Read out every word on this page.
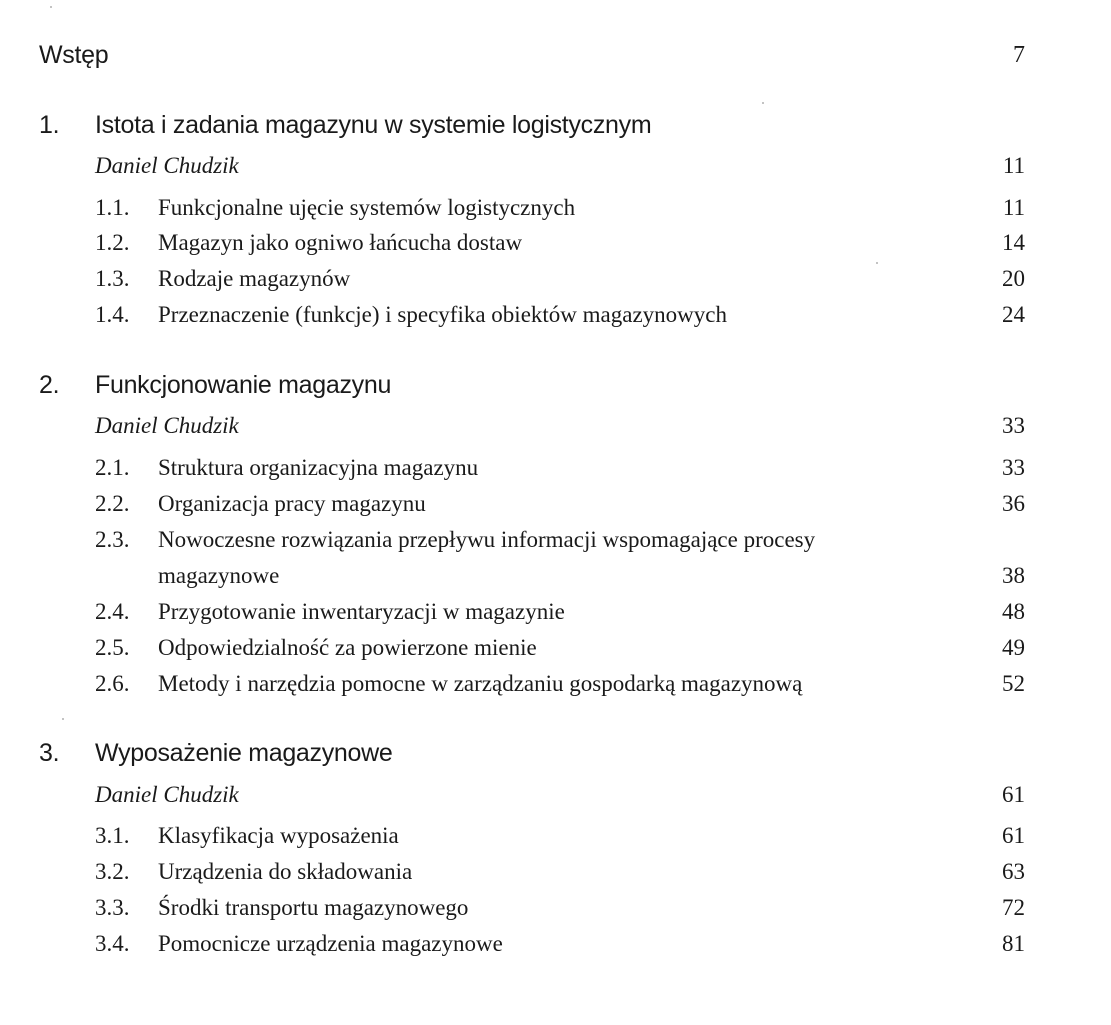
Wstęp	7
1. Istota i zadania magazynu w systemie logistycznym
Daniel Chudzik	11
1.1. Funkcjonalne ujęcie systemów logistycznych	11
1.2. Magazyn jako ogniwo łańcucha dostaw	14
1.3. Rodzaje magazynów	20
1.4. Przeznaczenie (funkcje) i specyfika obiektów magazynowych	24
2. Funkcjonowanie magazynu
Daniel Chudzik	33
2.1. Struktura organizacyjna magazynu	33
2.2. Organizacja pracy magazynu	36
2.3. Nowoczesne rozwiązania przepływu informacji wspomagające procesy
magazynowe	38
2.4. Przygotowanie inwentaryzacji w magazynie	48
2.5. Odpowiedzialność za powierzone mienie	49
2.6. Metody i narzędzia pomocne w zarządzaniu gospodarką magazynową	52
3. Wyposażenie magazynowe
Daniel Chudzik	61
3.1. Klasyfikacja wyposażenia	61
3.2. Urządzenia do składowania	63
3.3. Środki transportu magazynowego	72
3.4. Pomocnicze urządzenia magazynowe	81
